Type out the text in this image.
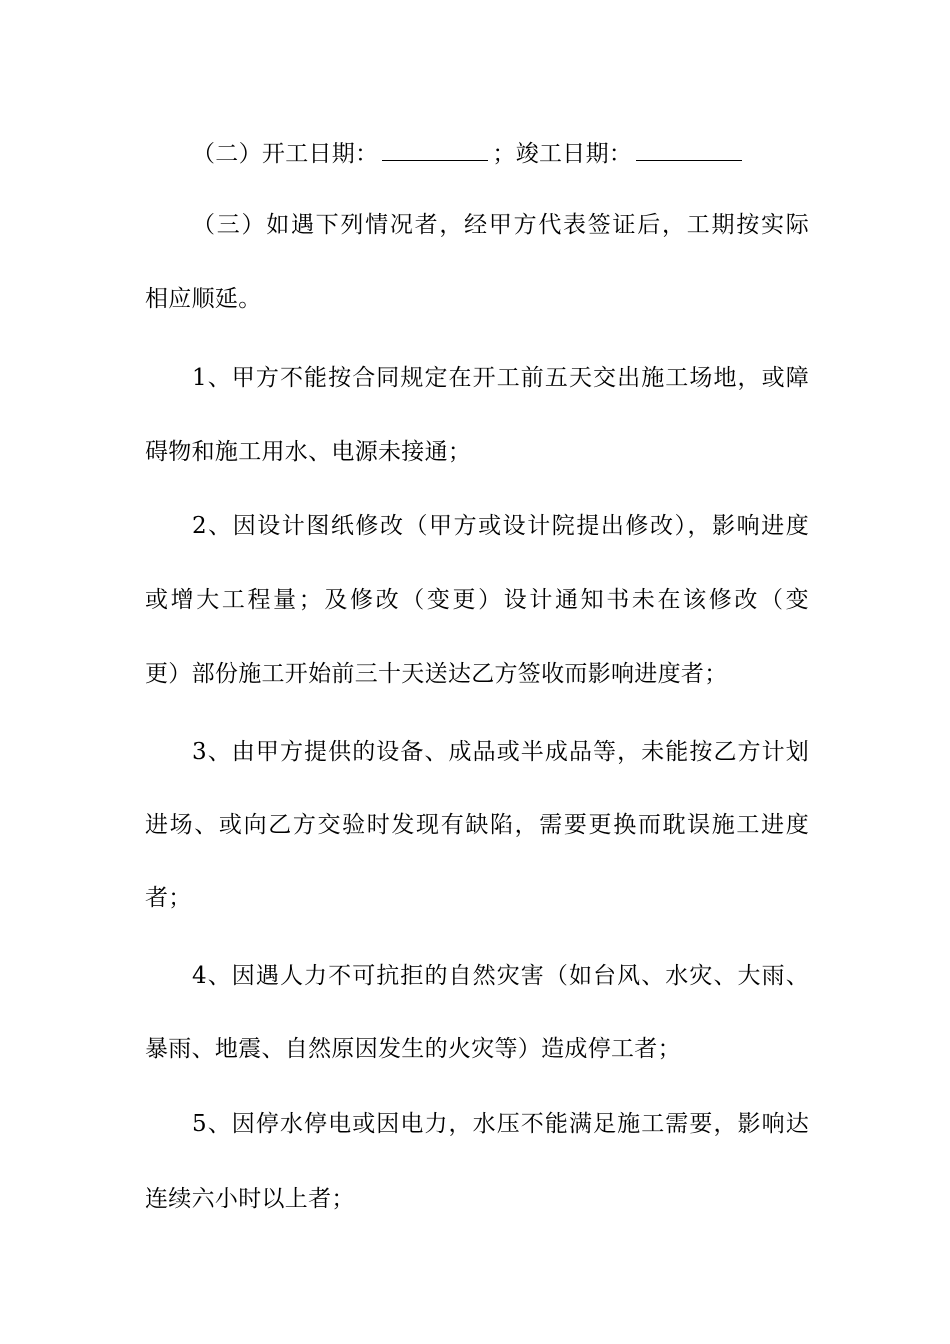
（二）开工日期：	；竣工日期：
（三）如遇下列情况者，经甲方代表签证后，工期按实际
相应顺延。
1、甲方不能按合同规定在开工前五天交出施工场地，或障
碍物和施工用水、电源未接通；
2、因设计图纸修改（甲方或设计院提出修改），影响进度
或增大工程量；及修改（变更）设计通知书未在该修改（变
更）部份施工开始前三十天送达乙方签收而影响进度者；
3、由甲方提供的设备、成品或半成品等，未能按乙方计划
进场、或向乙方交验时发现有缺陷，需要更换而耽误施工进度
者；
4、因遇人力不可抗拒的自然灾害（如台风、水灾、大雨、
暴雨、地震、自然原因发生的火灾等）造成停工者；
5、因停水停电或因电力，水压不能满足施工需要，影响达
连续六小时以上者；
